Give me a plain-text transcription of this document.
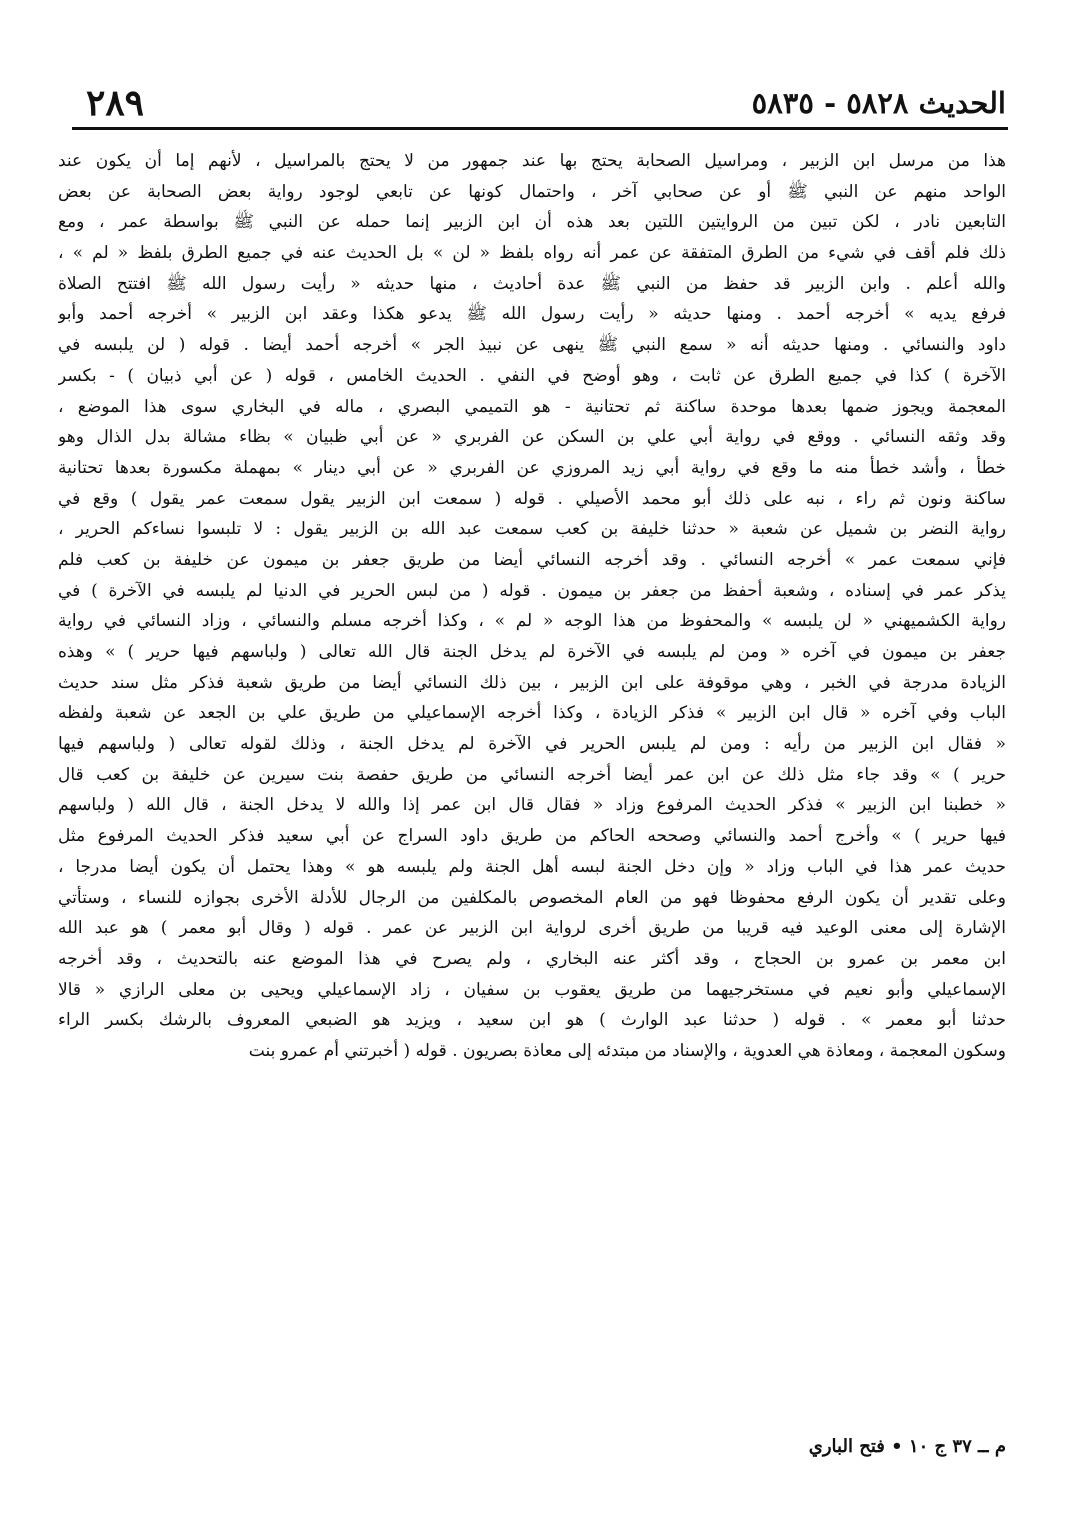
الحديث ٥٨٢٨ - ٥٨٣٥
٢٨٩
هذا من مرسل ابن الزبير ، ومراسيل الصحابة يحتج بها عند جمهور من لا يحتج بالمراسيل ، لأنهم إما أن يكون عند
الواحد منهم عن النبي ﷺ أو عن صحابي آخر ، واحتمال كونها عن تابعي لوجود رواية بعض الصحابة عن بعض
التابعين نادر ، لكن تبين من الروايتين اللتين بعد هذه أن ابن الزبير إنما حمله عن النبي ﷺ بواسطة عمر ، ومع
ذلك فلم أقف في شيء من الطرق المتفقة عن عمر أنه رواه بلفظ « لن » بل الحديث عنه في جميع الطرق بلفظ « لم » ،
والله أعلم . وابن الزبير قد حفظ من النبي ﷺ عدة أحاديث ، منها حديثه « رأيت رسول الله ﷺ افتتح الصلاة
فرفع يديه » أخرجه أحمد . ومنها حديثه « رأيت رسول الله ﷺ يدعو هكذا وعقد ابن الزبير » أخرجه أحمد وأبو
داود والنسائي . ومنها حديثه أنه « سمع النبي ﷺ ينهى عن نبيذ الجر » أخرجه أحمد أيضا . قوله ( لن يلبسه في
الآخرة ) كذا في جميع الطرق عن ثابت ، وهو أوضح في النفي . الحديث الخامس ، قوله ( عن أبي ذبيان ) - بكسر
المعجمة ويجوز ضمها بعدها موحدة ساكنة ثم تحتانية - هو التميمي البصري ، ماله في البخاري سوى هذا الموضع ،
وقد وثقه النسائي . ووقع في رواية أبي علي بن السكن عن الفربري « عن أبي ظبيان » بظاء مشالة بدل الذال وهو
خطأ ، وأشد خطأ منه ما وقع في رواية أبي زيد المروزي عن الفربري « عن أبي دينار » بمهملة مكسورة بعدها تحتانية
ساكنة ونون ثم راء ، نبه على ذلك أبو محمد الأصيلي . قوله ( سمعت ابن الزبير يقول سمعت عمر يقول ) وقع في
رواية النضر بن شميل عن شعبة « حدثنا خليفة بن كعب سمعت عبد الله بن الزبير يقول : لا تلبسوا نساءكم الحرير ،
فإني سمعت عمر » أخرجه النسائي . وقد أخرجه النسائي أيضا من طريق جعفر بن ميمون عن خليفة بن كعب فلم
يذكر عمر في إسناده ، وشعبة أحفظ من جعفر بن ميمون . قوله ( من لبس الحرير في الدنيا لم يلبسه في الآخرة ) في
رواية الكشميهني « لن يلبسه » والمحفوظ من هذا الوجه « لم » ، وكذا أخرجه مسلم والنسائي ، وزاد النسائي في رواية
جعفر بن ميمون في آخره « ومن لم يلبسه في الآخرة لم يدخل الجنة قال الله تعالى ( ولباسهم فيها حرير ) » وهذه
الزيادة مدرجة في الخبر ، وهي موقوفة على ابن الزبير ، بين ذلك النسائي أيضا من طريق شعبة فذكر مثل سند حديث
الباب وفي آخره « قال ابن الزبير » فذكر الزيادة ، وكذا أخرجه الإسماعيلي من طريق علي بن الجعد عن شعبة ولفظه
« فقال ابن الزبير من رأيه : ومن لم يلبس الحرير في الآخرة لم يدخل الجنة ، وذلك لقوله تعالى ( ولباسهم فيها
حرير ) » وقد جاء مثل ذلك عن ابن عمر أيضا أخرجه النسائي من طريق حفصة بنت سيرين عن خليفة بن كعب قال
« خطبنا ابن الزبير » فذكر الحديث المرفوع وزاد « فقال قال ابن عمر إذا والله لا يدخل الجنة ، قال الله ( ولباسهم
فيها حرير ) » وأخرج أحمد والنسائي وصححه الحاكم من طريق داود السراج عن أبي سعيد فذكر الحديث المرفوع مثل
حديث عمر هذا في الباب وزاد « وإن دخل الجنة لبسه أهل الجنة ولم يلبسه هو » وهذا يحتمل أن يكون أيضا مدرجا ،
وعلى تقدير أن يكون الرفع محفوظا فهو من العام المخصوص بالمكلفين من الرجال للأدلة الأخرى بجوازه للنساء ، وستأتي
الإشارة إلى معنى الوعيد فيه قريبا من طريق أخرى لرواية ابن الزبير عن عمر . قوله ( وقال أبو معمر ) هو عبد الله
ابن معمر بن عمرو بن الحجاج ، وقد أكثر عنه البخاري ، ولم يصرح في هذا الموضع عنه بالتحديث ، وقد أخرجه
الإسماعيلي وأبو نعيم في مستخرجيهما من طريق يعقوب بن سفيان ، زاد الإسماعيلي ويحيى بن معلى الرازي « قالا
حدثنا أبو معمر » . قوله ( حدثنا عبد الوارث ) هو ابن سعيد ، ويزيد هو الضبعي المعروف بالرشك بكسر الراء
وسكون المعجمة ، ومعاذة هي العدوية ، والإسناد من مبتدئه إلى معاذة بصريون . قوله ( أخبرتني أم عمرو بنت
م ــ ٣٧ ج ١٠ • فتح الباري
